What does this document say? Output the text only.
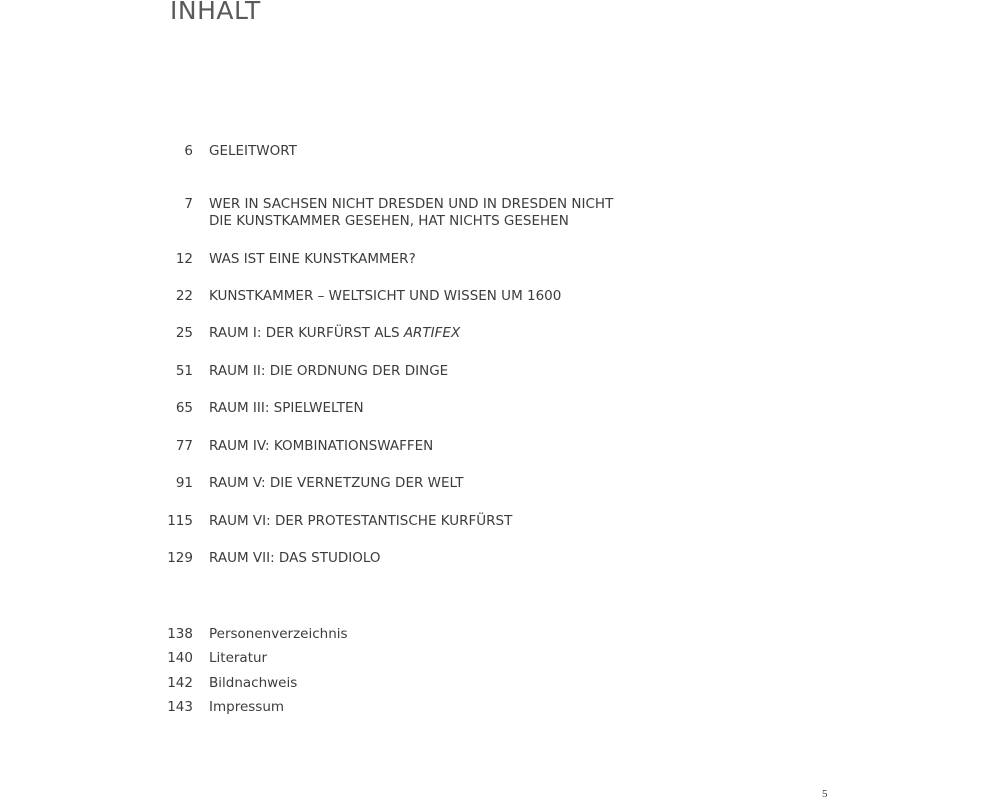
INHALT
6 GELEITWORT
7 WER IN SACHSEN NICHT DRESDEN UND IN DRESDEN NICHT
DIE KUNSTKAMMER GESEHEN, HAT NICHTS GESEHEN
12 WAS IST EINE KUNSTKAMMER?
22 KUNSTKAMMER – WELTSICHT UND WISSEN UM 1600
25 RAUM I: DER KURFÜRST ALS ARTIFEX
51 RAUM II: DIE ORDNUNG DER DINGE
65 RAUM III: SPIELWELTEN
77 RAUM IV: KOMBINATIONSWAFFEN
91 RAUM V: DIE VERNETZUNG DER WELT
115 RAUM VI: DER PROTESTANTISCHE KURFÜRST
129 RAUM VII: DAS STUDIOLO
138 Personenverzeichnis
140 Literatur
142 Bildnachweis
143 Impressum
5
